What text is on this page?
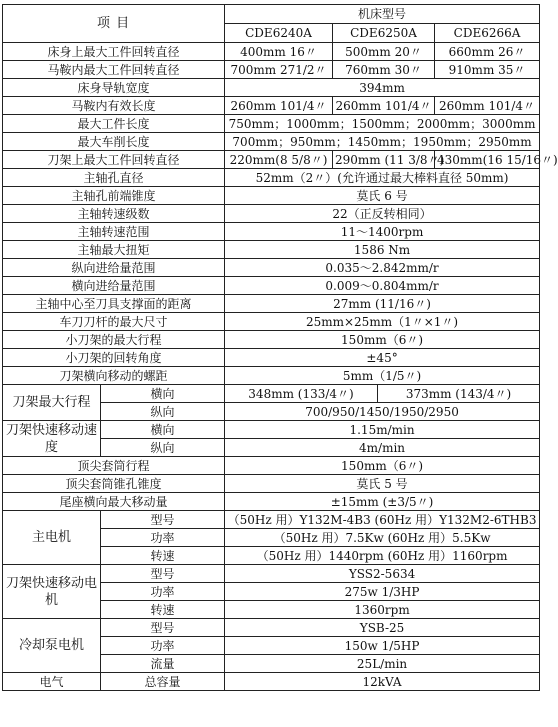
项 目		机床型号			
		CDE6240A	CDE6250A		CDE6266A
床身上最大工件回转直径		400mm 16〃	500mm 20〃		660mm 26〃
马鞍内最大工件回转直径		700mm 271/2〃	760mm 30〃		910mm 35〃
床身导轨宽度		394mm			
马鞍内有效长度		260mm 101/4〃	260mm 101/4〃		260mm 101/4〃
最大工件长度		750mm；1000mm；1500mm；2000mm；3000mm			
最大车削长度		700mm；950mm；1450mm；1950mm；2950mm			
刀架上最大工件回转直径		220mm(8 5/8〃)	290mm (11 3/8〃)		430mm(16 15/16〃)
主轴孔直径		52mm（2〃）(允许通过最大棒料直径 50mm)			
主轴孔前端锥度		莫氏 6 号			
主轴转速级数		22（正反转相同）			
主轴转速范围		11～1400rpm			
主轴最大扭矩		1586 Nm			
纵向进给量范围		0.035～2.842mm/r			
横向进给量范围		0.009～0.804mm/r			
主轴中心至刀具支撑面的距离		27mm (11/16〃)			
车刀刀杆的最大尺寸		25mm×25mm（1〃×1〃)			
小刀架的最大行程		150mm（6〃)			
小刀架的回转角度		±45°			
刀架横向移动的螺距		5mm（1/5〃)			
刀架最大行程	横向	348mm (133/4〃)		373mm (143/4〃)	
	纵向	700/950/1450/1950/2950			
刀架快速移动速度	横向	1.15m/min			
	纵向	4m/min			
顶尖套筒行程		150mm（6〃)			
顶尖套筒锥孔锥度		莫氏 5 号			
尾座横向最大移动量		±15mm (±3/5〃)			
主电机	型号	（50Hz 用）Y132M-4B3 (60Hz 用）Y132M2-6THB3			
	功率	（50Hz 用）7.5Kw (60Hz 用）5.5Kw			
	转速	（50Hz 用）1440rpm (60Hz 用）1160rpm			
刀架快速移动电机	型号	YSS2-5634			
	功率	275w 1/3HP			
	转速	1360rpm			
冷却泵电机	型号	YSB-25			
	功率	150w 1/5HP			
	流量	25L/min			
电气	总容量	12kVA			
